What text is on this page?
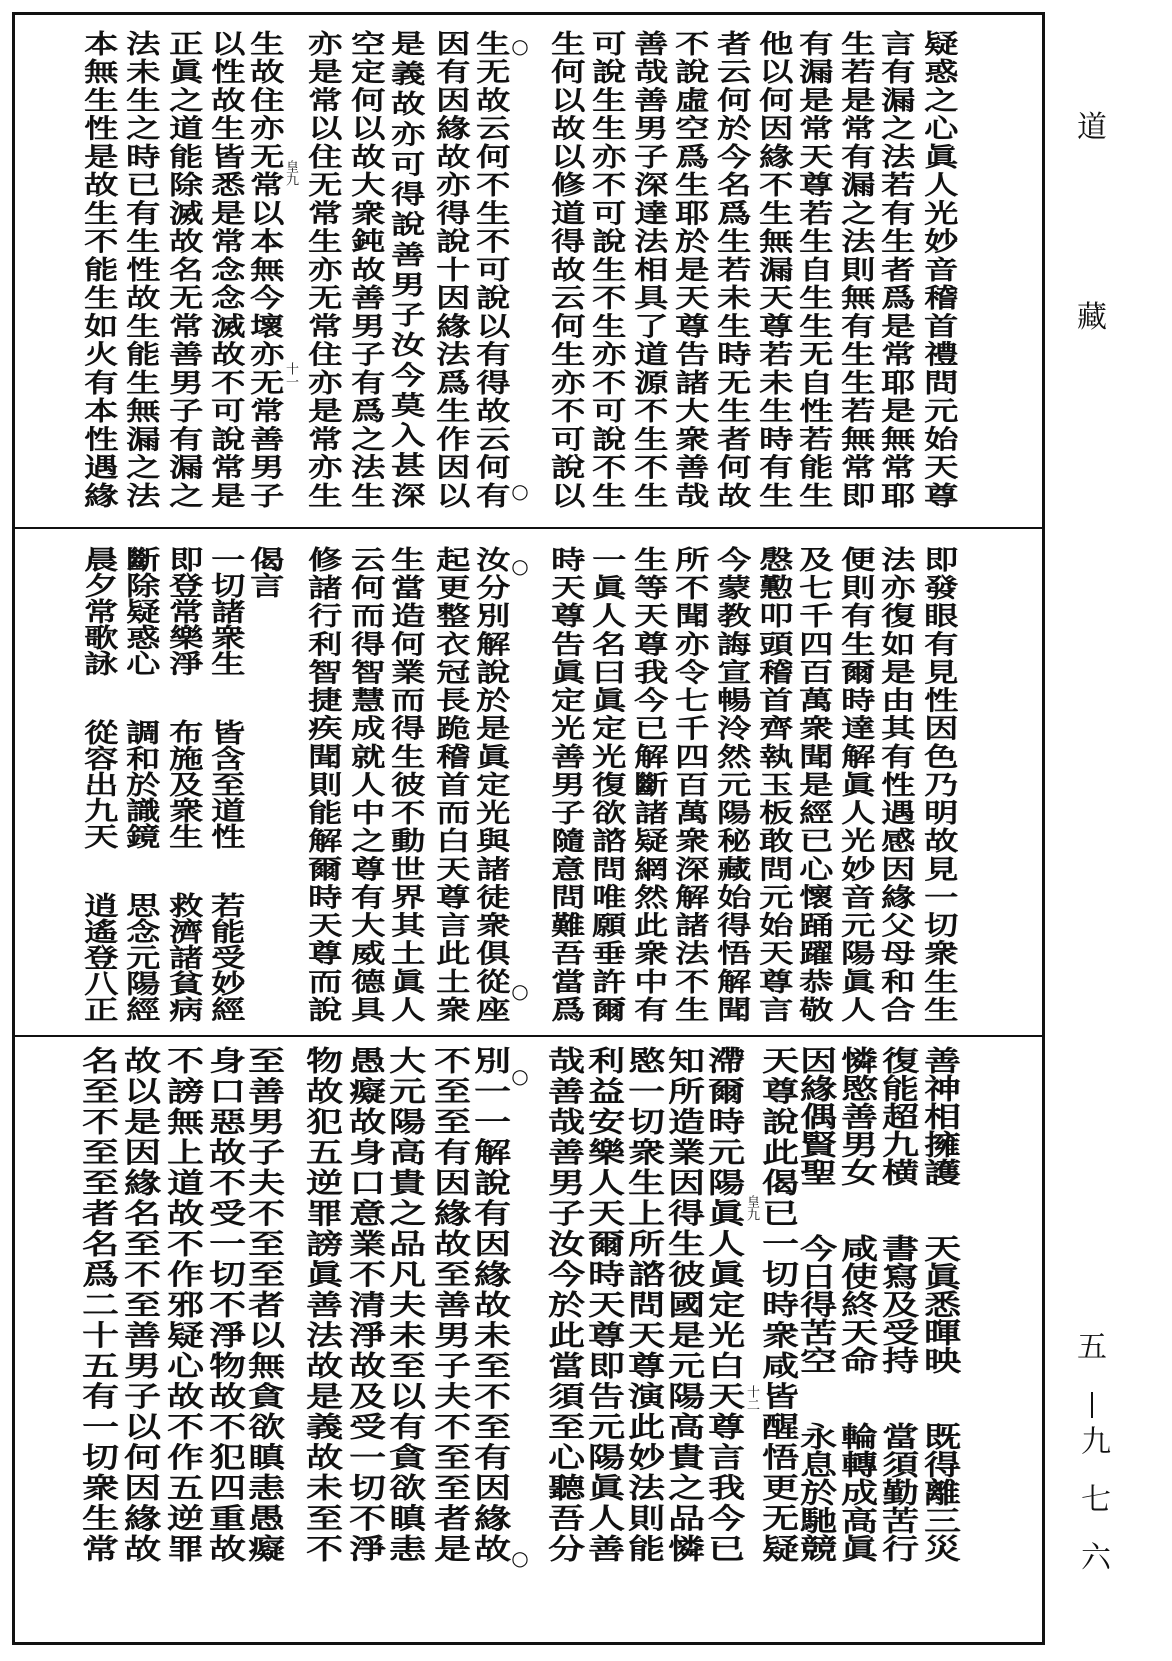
疑惑之心眞人光妙音稽首禮問元始天尊
言有漏之法若有生者爲是常耶是無常耶
生若是常有漏之法則無有生生若無常即
有漏是常天尊若生自生生无自性若能生
他以何因緣不生無漏天尊若未生時有生
者云何於今名爲生若未生時无生者何故
不說虛空爲生耶於是天尊告諸大衆善哉
善哉善男子深達法相具了道源不生不生
可說生生亦不可說生不生亦不可說不生
生何以故以修道得故云何生亦不可說以
生无故云何不生不可說以有得故云何有
因有因緣故亦得說十因緣法爲生作因以
是義故亦可得說善男子汝今莫入甚深
空定何以故大衆鈍故善男子有爲之法生
亦是常以住无常生亦无常住亦是常亦生
生故住亦无常以本無今壞亦无常善男子
以性故生皆悉是常念念滅故不可說常是
正眞之道能除滅故名无常善男子有漏之
法未生之時已有生性故生能生無漏之法
本無生性是故生不能生如火有本性遇緣
即發眼有見性因色乃明故見一切衆生生
法亦復如是由其有性遇感因緣父母和合
便則有生爾時達解眞人光妙音元陽眞人
及七千四百萬衆聞是經已心懷踊躍恭敬
慇懃叩頭稽首齊執玉板敢問元始天尊言
今蒙教誨宣暢泠然元陽秘藏始得悟解聞
所不聞亦令七千四百萬衆深解諸法不生
生等天尊我今已解斷諸疑網然此衆中有
一眞人名曰眞定光復欲諮問唯願垂許爾
時天尊告眞定光善男子隨意問難吾當爲
汝分別解說於是眞定光與諸徒衆俱從座
起更整衣冠長跪稽首而白天尊言此土衆
生當造何業而得生彼不動世界其土眞人
云何而得智慧成就人中之尊有大威德具
修諸行利智捷疾聞則能解爾時天尊而說
偈言
一切諸衆生
皆含至道性
若能受妙經
即登常樂淨
布施及衆生
救濟諸貧病
斷除疑惑心
調和於識鏡
思念元陽經
晨夕常歌詠
從容出九天
逍遙登八正
善神相擁護
天眞悉暉映
既得離三災
復能超九横
書寫及受持
當須勤苦行
憐愍善男女
咸使終天命
輪轉成高眞
因緣偶賢聖
今日得苦空
永息於馳競
天尊說此偈已一切時衆咸皆醒悟更无疑
滯爾時元陽眞人眞定光白天尊言我今已
知所造業因得生彼國是元陽高貴之品憐
愍一切衆生上所諮問天尊演此妙法則能
利益安樂人天爾時天尊即告元陽眞人善
哉善哉善男子汝今於此當須至心聽吾分
別一一解說有因緣故未至不至有因緣故
不至至有因緣故至善男子夫不至至者是
大元陽高貴之品凡夫未至以有貪欲瞋恚
愚癡故身口意業不清淨故及受一切不淨
物故犯五逆罪謗眞善法故是義故未至不
至善男子夫不至至者以無貪欲瞋恚愚癡
身口惡故不受一切不淨物故不犯四重故
不謗無上道故不作邪疑心故不作五逆罪
故以是因緣名至不至善男子以何因緣故
名至不至至者名爲二十五有一切衆生常
○
○
○
○
○
○
皇九
十一
皇九
十二
道
藏
五
九七六
